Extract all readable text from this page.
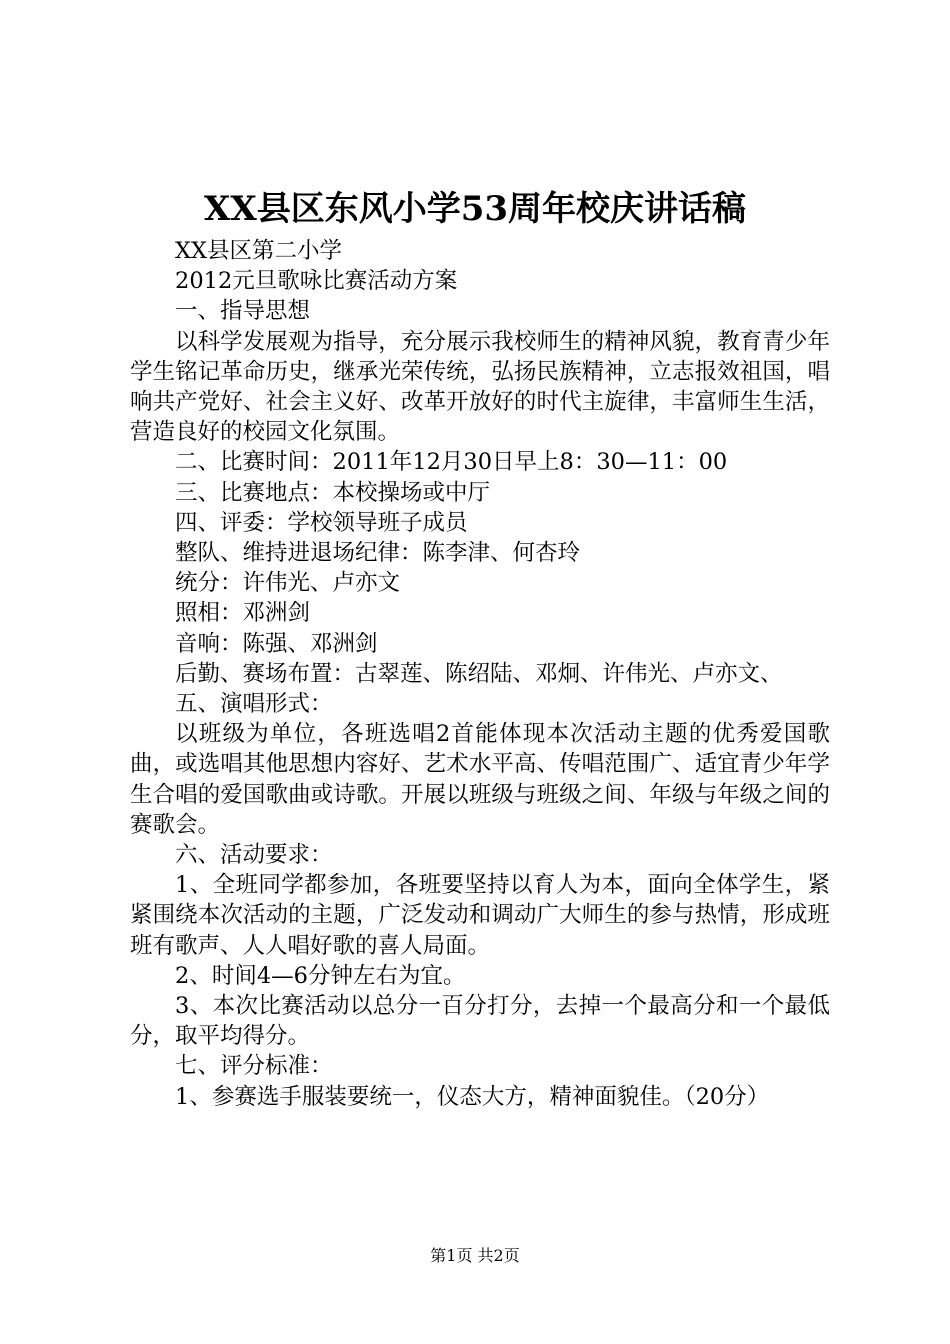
XX县区东风小学53周年校庆讲话稿

XX县区第二小学

2012元旦歌咏比赛活动方案

一、指导思想

以科学发展观为指导，充分展示我校师生的精神风貌，教育青少年学生铭记革命历史，继承光荣传统，弘扬民族精神，立志报效祖国，唱响共产党好、社会主义好、改革开放好的时代主旋律，丰富师生生活，营造良好的校园文化氛围。

二、比赛时间：2011年12月30日早上8：30—11：00

三、比赛地点：本校操场或中厅

四、评委：学校领导班子成员

整队、维持进退场纪律：陈李津、何杏玲

统分：许伟光、卢亦文

照相：邓洲剑

音响：陈强、邓洲剑

后勤、赛场布置：古翠莲、陈绍陆、邓炯、许伟光、卢亦文、

五、演唱形式：

以班级为单位，各班选唱2首能体现本次活动主题的优秀爱国歌曲，或选唱其他思想内容好、艺术水平高、传唱范围广、适宜青少年学生合唱的爱国歌曲或诗歌。开展以班级与班级之间、年级与年级之间的赛歌会。

六、活动要求：

1、全班同学都参加，各班要坚持以育人为本，面向全体学生，紧紧围绕本次活动的主题，广泛发动和调动广大师生的参与热情，形成班班有歌声、人人唱好歌的喜人局面。

2、时间4—6分钟左右为宜。

3、本次比赛活动以总分一百分打分，去掉一个最高分和一个最低分，取平均得分。

七、评分标准：

1、参赛选手服装要统一，仪态大方，精神面貌佳。（20分）

第1页 共2页
